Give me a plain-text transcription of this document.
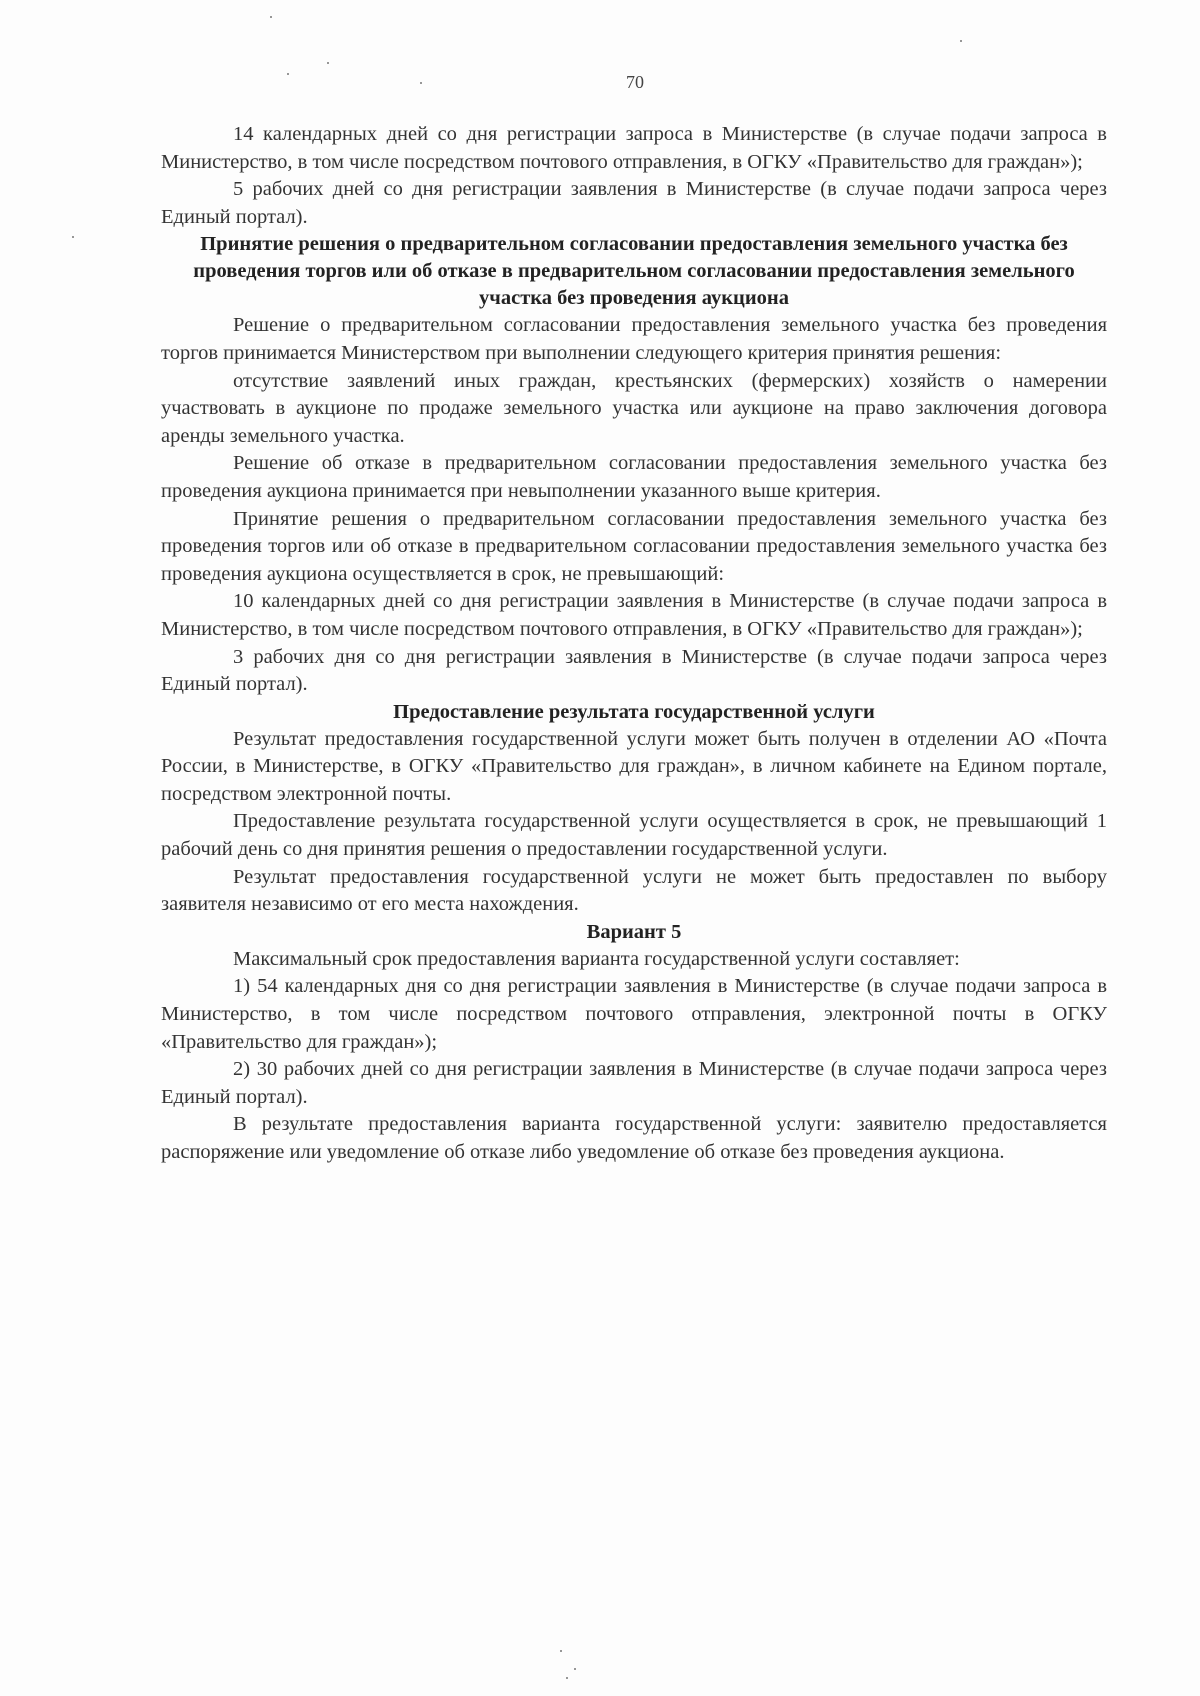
70

14 календарных дней со дня регистрации запроса в Министерстве (в случае подачи запроса в Министерство, в том числе посредством почтового отправления, в ОГКУ «Правительство для граждан»);

5 рабочих дней со дня регистрации заявления в Министерстве (в случае подачи запроса через Единый портал).

Принятие решения о предварительном согласовании предоставления земельного участка без проведения торгов или об отказе в предварительном согласовании предоставления земельного участка без проведения аукциона

Решение о предварительном согласовании предоставления земельного участка без проведения торгов принимается Министерством при выполнении следующего критерия принятия решения:

отсутствие заявлений иных граждан, крестьянских (фермерских) хозяйств о намерении участвовать в аукционе по продаже земельного участка или аукционе на право заключения договора аренды земельного участка.

Решение об отказе в предварительном согласовании предоставления земельного участка без проведения аукциона принимается при невыполнении указанного выше критерия.

Принятие решения о предварительном согласовании предоставления земельного участка без проведения торгов или об отказе в предварительном согласовании предоставления земельного участка без проведения аукциона осуществляется в срок, не превышающий:

10 календарных дней со дня регистрации заявления в Министерстве (в случае подачи запроса в Министерство, в том числе посредством почтового отправления, в ОГКУ «Правительство для граждан»);

3 рабочих дня со дня регистрации заявления в Министерстве (в случае подачи запроса через Единый портал).

Предоставление результата государственной услуги

Результат предоставления государственной услуги может быть получен в отделении АО «Почта России, в Министерстве, в ОГКУ «Правительство для граждан», в личном кабинете на Едином портале, посредством электронной почты.

Предоставление результата государственной услуги осуществляется в срок, не превышающий 1 рабочий день со дня принятия решения о предоставлении государственной услуги.

Результат предоставления государственной услуги не может быть предоставлен по выбору заявителя независимо от его места нахождения.

Вариант 5

Максимальный срок предоставления варианта государственной услуги составляет:

1) 54 календарных дня со дня регистрации заявления в Министерстве (в случае подачи запроса в Министерство, в том числе посредством почтового отправления, электронной почты в ОГКУ «Правительство для граждан»);

2) 30 рабочих дней со дня регистрации заявления в Министерстве (в случае подачи запроса через Единый портал).

В результате предоставления варианта государственной услуги: заявителю предоставляется распоряжение или уведомление об отказе либо уведомление об отказе без проведения аукциона.
